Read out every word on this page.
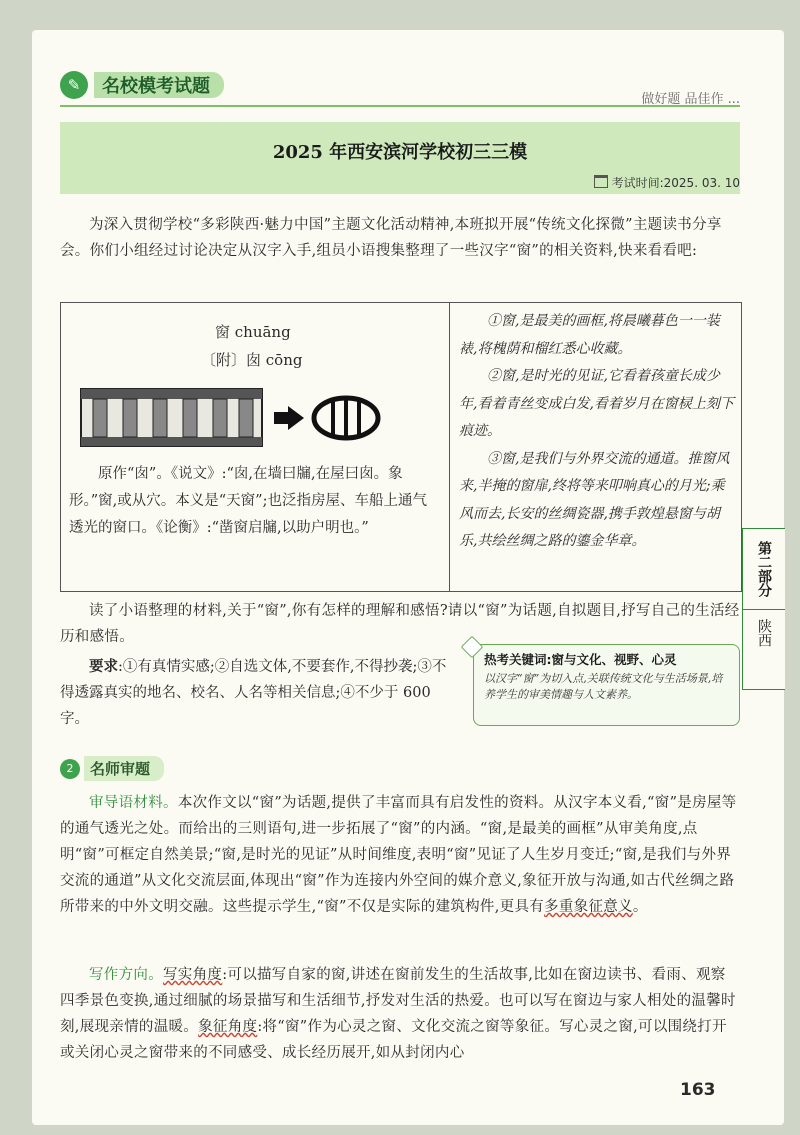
✎	名校模考试题
做好题 品佳作 ...
2025 年西安滨河学校初三三模
考试时间:2025. 03. 10
为深入贯彻学校“多彩陕西·魅力中国”主题文化活动精神,本班拟开展“传统文化探微”主题读书分享会。你们小组经过讨论决定从汉字入手,组员小语搜集整理了一些汉字“窗”的相关资料,快来看看吧:
窗 chuāng
〔附〕囱 cōng
原作“囱”。《说文》:“囱,在墙曰牖,在屋曰囱。象形。”窗,或从穴。本义是“天窗”;也泛指房屋、车船上通气透光的窗口。《论衡》:“凿窗启牖,以助户明也。”

①窗,是最美的画框,将晨曦暮色一一装裱,将槐荫和榴红悉心收藏。

②窗,是时光的见证,它看着孩童长成少年,看着青丝变成白发,看着岁月在窗棂上刻下痕迹。

③窗,是我们与外界交流的通道。推窗风来,半掩的窗扉,终将等来叩响真心的月光;乘风而去,长安的丝绸瓷器,携手敦煌悬窗与胡乐,共绘丝绸之路的鎏金华章。

读了小语整理的材料,关于“窗”,你有怎样的理解和感悟?请以“窗”为话题,自拟题目,抒写自己的生活经历和感悟。
要求:①有真情实感;②自选文体,不要套作,不得抄袭;③不得透露真实的地名、校名、人名等相关信息;④不少于 600 字。
热考关键词:窗与文化、视野、心灵
以汉字“窗”为切入点,关联传统文化与生活场景,培养学生的审美情趣与人文素养。
2	名师审题
审导语材料。本次作文以“窗”为话题,提供了丰富而具有启发性的资料。从汉字本义看,“窗”是房屋等的通气透光之处。而给出的三则语句,进一步拓展了“窗”的内涵。“窗,是最美的画框”从审美角度,点明“窗”可框定自然美景;“窗,是时光的见证”从时间维度,表明“窗”见证了人生岁月变迁;“窗,是我们与外界交流的通道”从文化交流层面,体现出“窗”作为连接内外空间的媒介意义,象征开放与沟通,如古代丝绸之路所带来的中外文明交融。这些提示学生,“窗”不仅是实际的建筑构件,更具有多重象征意义。
写作方向。写实角度:可以描写自家的窗,讲述在窗前发生的生活故事,比如在窗边读书、看雨、观察四季景色变换,通过细腻的场景描写和生活细节,抒发对生活的热爱。也可以写在窗边与家人相处的温馨时刻,展现亲情的温暖。象征角度:将“窗”作为心灵之窗、文化交流之窗等象征。写心灵之窗,可以围绕打开或关闭心灵之窗带来的不同感受、成长经历展开,如从封闭内心
第二部分
陕西
163
